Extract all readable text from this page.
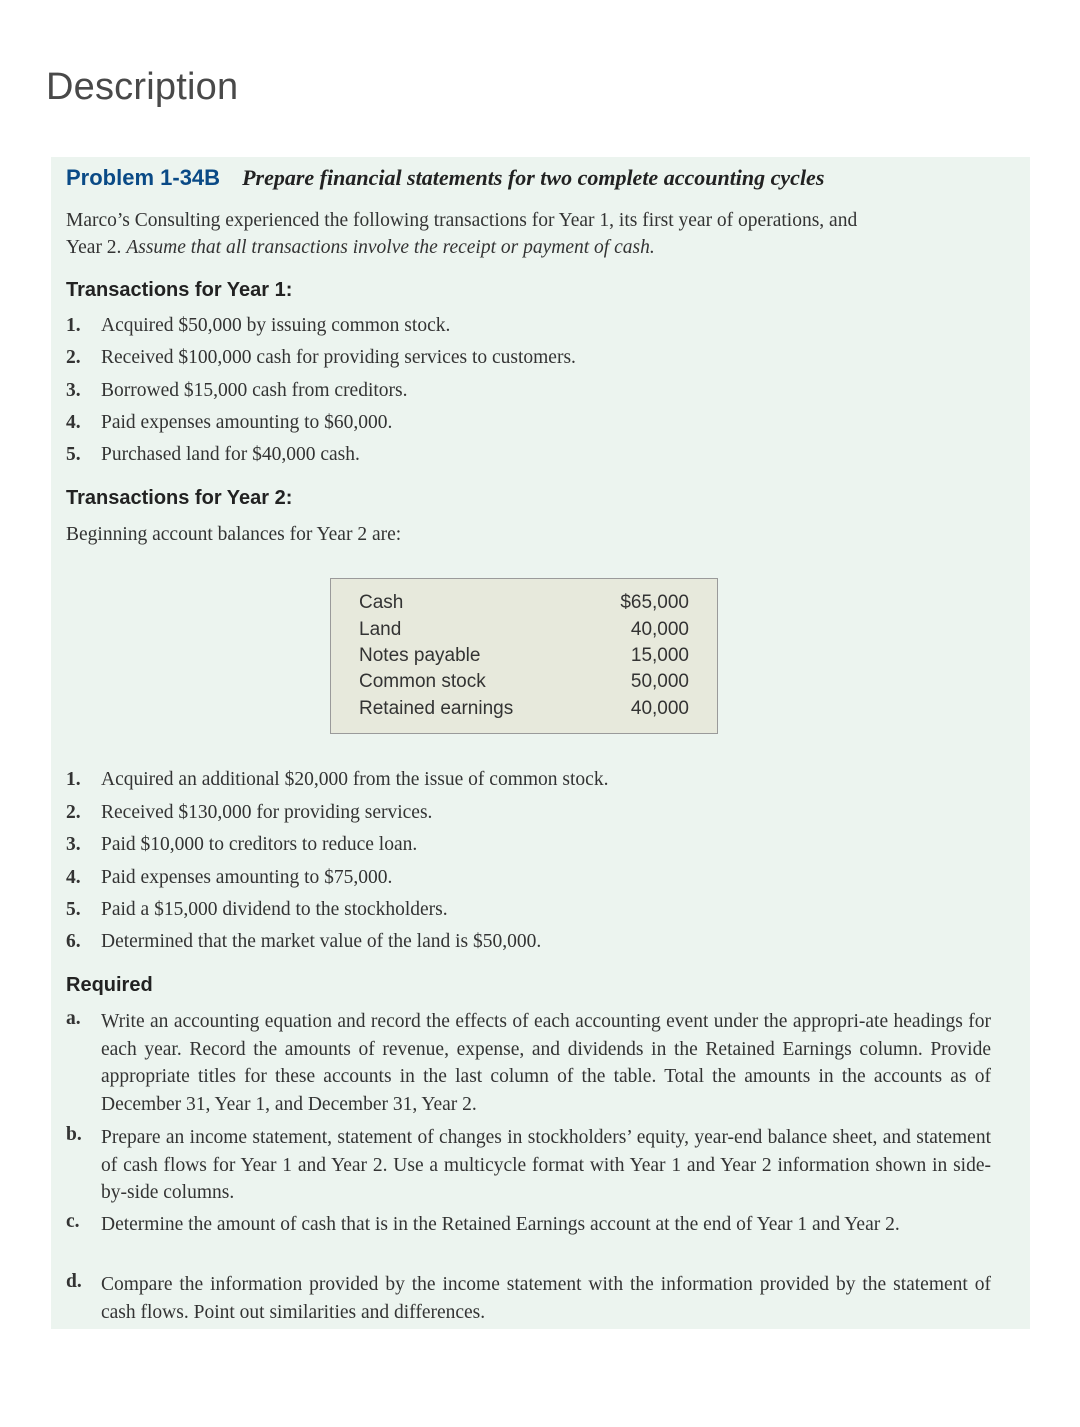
Description
Problem 1-34B Prepare financial statements for two complete accounting cycles
Marco’s Consulting experienced the following transactions for Year 1, its first year of operations, and
Year 2. Assume that all transactions involve the receipt or payment of cash.
Transactions for Year 1:
1. Acquired $50,000 by issuing common stock.
2. Received $100,000 cash for providing services to customers.
3. Borrowed $15,000 cash from creditors.
4. Paid expenses amounting to $60,000.
5. Purchased land for $40,000 cash.
Transactions for Year 2:
Beginning account balances for Year 2 are:
Cash	$65,000
Land	40,000
Notes payable	15,000
Common stock	50,000
Retained earnings	40,000
1. Acquired an additional $20,000 from the issue of common stock.
2. Received $130,000 for providing services.
3. Paid $10,000 to creditors to reduce loan.
4. Paid expenses amounting to $75,000.
5. Paid a $15,000 dividend to the stockholders.
6. Determined that the market value of the land is $50,000.
Required
a. Write an accounting equation and record the effects of each accounting event under the appropri-ate headings for each year. Record the amounts of revenue, expense, and dividends in the Retained Earnings column. Provide appropriate titles for these accounts in the last column of the table. Total the amounts in the accounts as of December 31, Year 1, and December 31, Year 2.
b. Prepare an income statement, statement of changes in stockholders’ equity, year-end balance sheet, and statement of cash flows for Year 1 and Year 2. Use a multicycle format with Year 1 and Year 2 information shown in side-by-side columns.
c. Determine the amount of cash that is in the Retained Earnings account at the end of Year 1 and Year 2.
d. Compare the information provided by the income statement with the information provided by the statement of cash flows. Point out similarities and differences.
